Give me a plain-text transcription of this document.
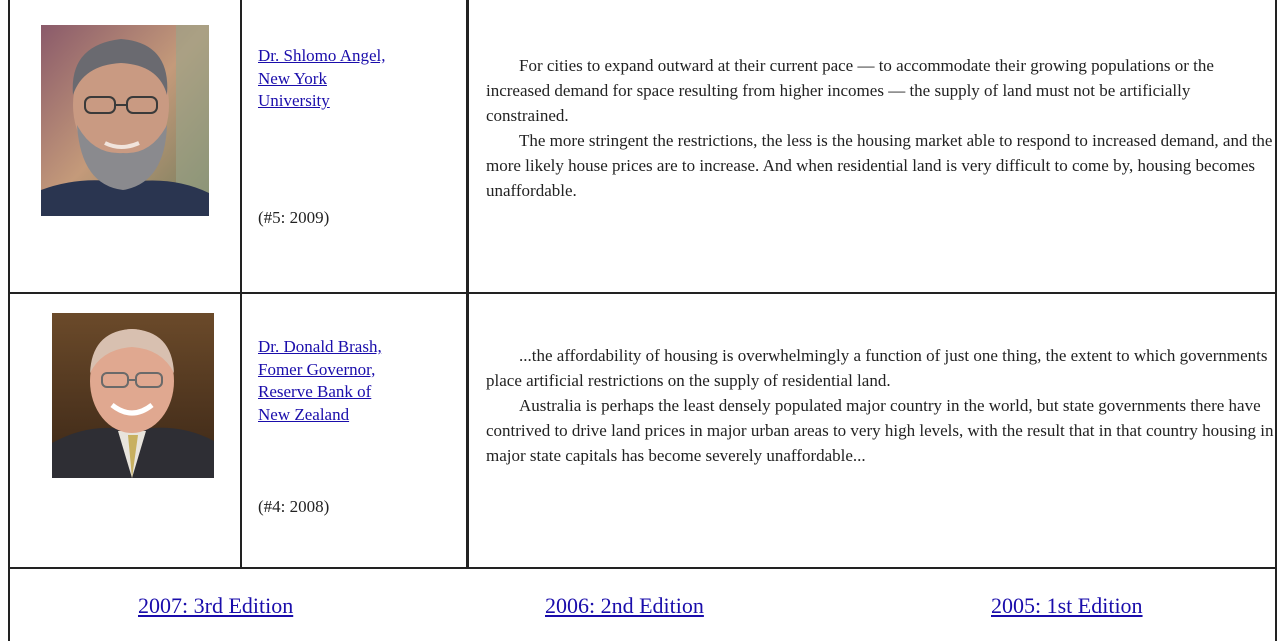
Dr. Shlomo Angel,
New York
University
(#5: 2009)

For cities to expand outward at their current pace — to accommodate their growing populations or the increased demand for space resulting from higher incomes — the supply of land must not be artificially constrained.

The more stringent the restrictions, the less is the housing market able to respond to increased demand, and the more likely house prices are to increase. And when residential land is very difficult to come by, housing becomes unaffordable.

Dr. Donald Brash,
Fomer Governor,
Reserve Bank of
New Zealand
(#4: 2008)

...the affordability of housing is overwhelmingly a function of just one thing, the extent to which governments place artificial restrictions on the supply of residential land.

Australia is perhaps the least densely populated major country in the world, but state governments there have contrived to drive land prices in major urban areas to very high levels, with the result that in that country housing in major state capitals has become severely unaffordable...

2007: 3rd Edition	2006: 2nd Edition	2005: 1st Edition
